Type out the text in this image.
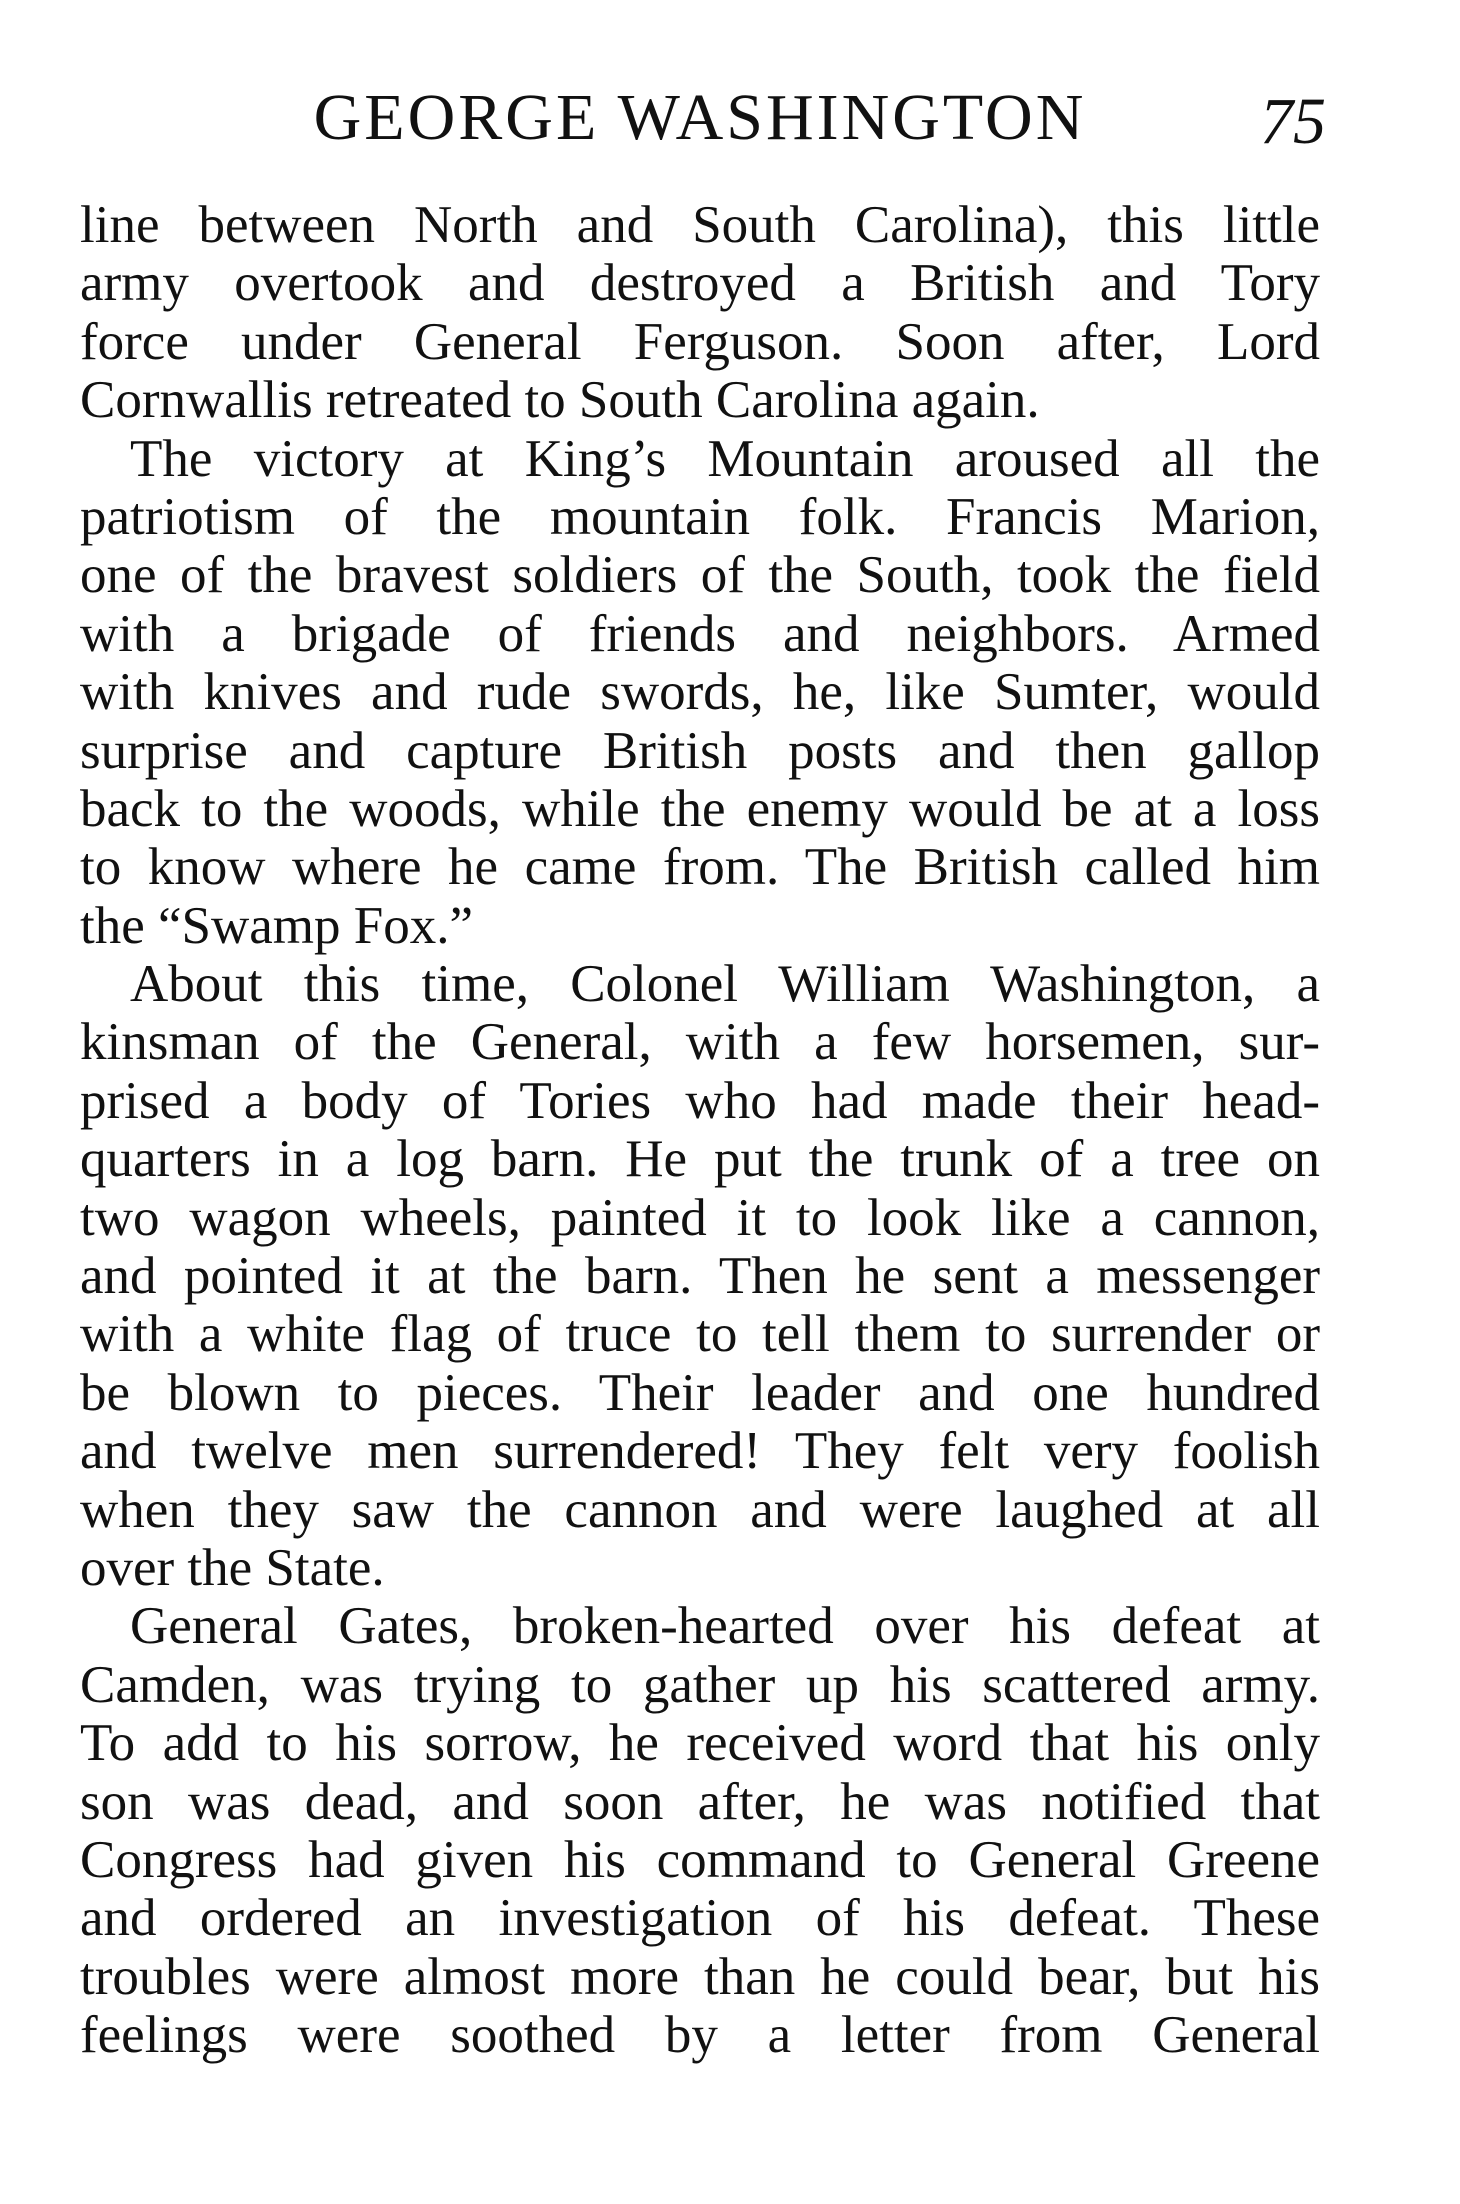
GEORGE WASHINGTON	75
line between North and South Carolina), this little
army overtook and destroyed a British and Tory
force under General Ferguson. Soon after, Lord
Cornwallis retreated to South Carolina again.
The victory at King’s Mountain aroused all the
patriotism of the mountain folk. Francis Marion,
one of the bravest soldiers of the South, took the field
with a brigade of friends and neighbors. Armed
with knives and rude swords, he, like Sumter, would
surprise and capture British posts and then gallop
back to the woods, while the enemy would be at a loss
to know where he came from. The British called him
the “Swamp Fox.”
About this time, Colonel William Washington, a
kinsman of the General, with a few horsemen, sur-
prised a body of Tories who had made their head-
quarters in a log barn. He put the trunk of a tree on
two wagon wheels, painted it to look like a cannon,
and pointed it at the barn. Then he sent a messenger
with a white flag of truce to tell them to surrender or
be blown to pieces. Their leader and one hundred
and twelve men surrendered! They felt very foolish
when they saw the cannon and were laughed at all
over the State.
General Gates, broken-hearted over his defeat at
Camden, was trying to gather up his scattered army.
To add to his sorrow, he received word that his only
son was dead, and soon after, he was notified that
Congress had given his command to General Greene
and ordered an investigation of his defeat. These
troubles were almost more than he could bear, but his
feelings were soothed by a letter from General
